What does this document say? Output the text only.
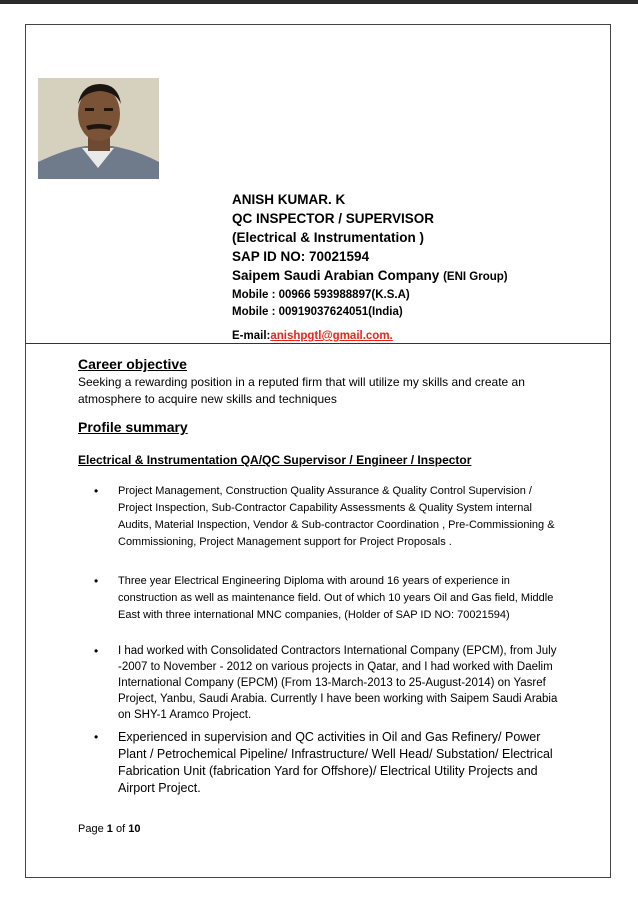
ANISH KUMAR. K
QC INSPECTOR / SUPERVISOR
(Electrical & Instrumentation )
SAP ID NO: 70021594
Saipem Saudi Arabian Company (ENI Group)
Mobile : 00966 593988897(K.S.A)
Mobile : 00919037624051(India)
E-mail:anishpgtl@gmail.com.
Career objective
Seeking a rewarding position in a reputed firm that will utilize my skills and create an atmosphere to acquire new skills and techniques
Profile summary
Electrical & Instrumentation QA/QC Supervisor / Engineer / Inspector
• Project Management, Construction Quality Assurance & Quality Control Supervision / Project Inspection, Sub-Contractor Capability Assessments & Quality System internal Audits, Material Inspection, Vendor & Sub-contractor Coordination , Pre-Commissioning & Commissioning, Project Management support for Project Proposals .
• Three year Electrical Engineering Diploma with around 16 years of experience in construction as well as maintenance field. Out of which 10 years Oil and Gas field, Middle East with three international MNC companies, (Holder of SAP ID NO: 70021594)
• I had worked with Consolidated Contractors International Company (EPCM), from July -2007 to November - 2012 on various projects in Qatar, and I had worked with Daelim International Company (EPCM) (From 13-March-2013 to 25-August-2014) on Yasref Project, Yanbu, Saudi Arabia. Currently I have been working with Saipem Saudi Arabia on SHY-1 Aramco Project.
• Experienced in supervision and QC activities in Oil and Gas Refinery/ Power Plant / Petrochemical Pipeline/ Infrastructure/ Well Head/ Substation/ Electrical Fabrication Unit (fabrication Yard for Offshore)/ Electrical Utility Projects and Airport Project.
Page 1 of 10
